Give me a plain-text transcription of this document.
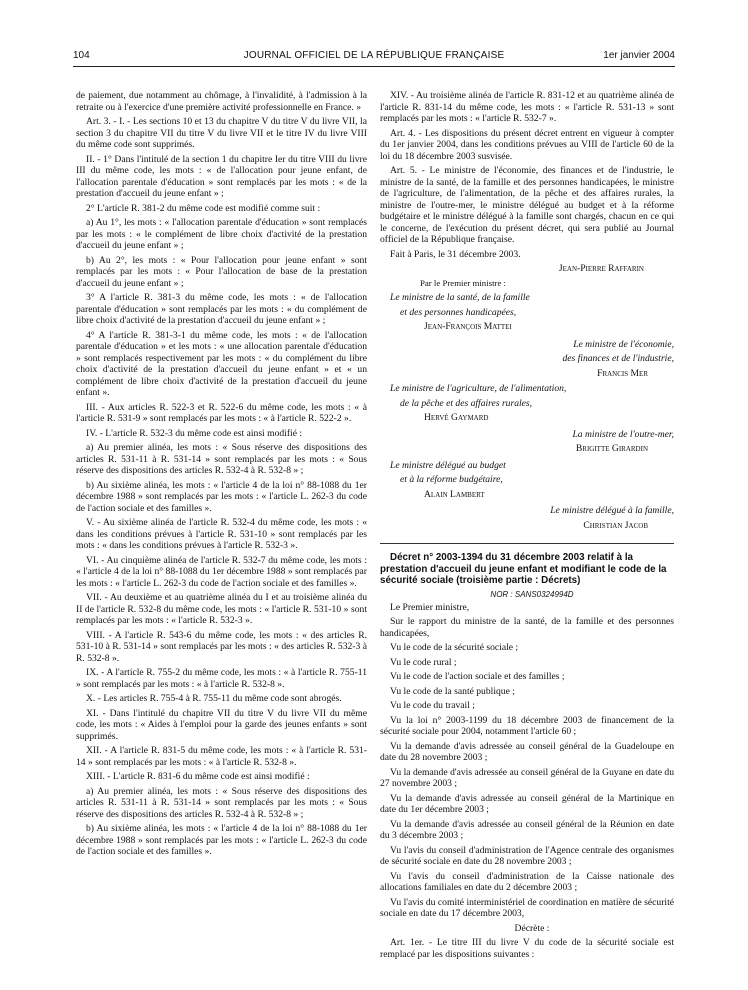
104	JOURNAL OFFICIEL DE LA RÉPUBLIQUE FRANÇAISE	1er janvier 2004

de paiement, due notamment au chômage, à l'invalidité, à l'admission à la retraite ou à l'exercice d'une première activité professionnelle en France. »

Art. 3. - I. - Les sections 10 et 13 du chapitre V du titre V du livre VII, la section 3 du chapitre VII du titre V du livre VII et le titre IV du livre VIII du même code sont supprimés.

II. - 1° Dans l'intitulé de la section 1 du chapitre Ier du titre VIII du livre III du même code, les mots : « de l'allocation pour jeune enfant, de l'allocation parentale d'éducation » sont remplacés par les mots : « de la prestation d'accueil du jeune enfant » ;

2° L'article R. 381-2 du même code est modifié comme suit :

a) Au 1°, les mots : « l'allocation parentale d'éducation » sont remplacés par les mots : « le complément de libre choix d'activité de la prestation d'accueil du jeune enfant » ;

b) Au 2°, les mots : « Pour l'allocation pour jeune enfant » sont remplacés par les mots : « Pour l'allocation de base de la prestation d'accueil du jeune enfant » ;

3° A l'article R. 381-3 du même code, les mots : « de l'allocation parentale d'éducation » sont remplacés par les mots : « du complément de libre choix d'activité de la prestation d'accueil du jeune enfant » ;

4° A l'article R. 381-3-1 du même code, les mots : « de l'allocation parentale d'éducation » et les mots : « une allocation parentale d'éducation » sont remplacés respectivement par les mots : « du complément du libre choix d'activité de la prestation d'accueil du jeune enfant » et « un complément de libre choix d'activité de la prestation d'accueil du jeune enfant ».

III. - Aux articles R. 522-3 et R. 522-6 du même code, les mots : « à l'article R. 531-9 » sont remplacés par les mots : « à l'article R. 522-2 ».

IV. - L'article R. 532-3 du même code est ainsi modifié :

a) Au premier alinéa, les mots : « Sous réserve des dispositions des articles R. 531-11 à R. 531-14 » sont remplacés par les mots : « Sous réserve des dispositions des articles R. 532-4 à R. 532-8 » ;

b) Au sixième alinéa, les mots : « l'article 4 de la loi n° 88-1088 du 1er décembre 1988 » sont remplacés par les mots : « l'article L. 262-3 du code de l'action sociale et des familles ».

V. - Au sixième alinéa de l'article R. 532-4 du même code, les mots : « dans les conditions prévues à l'article R. 531-10 » sont remplacés par les mots : « dans les conditions prévues à l'article R. 532-3 ».

VI. - Au cinquième alinéa de l'article R. 532-7 du même code, les mots : « l'article 4 de la loi n° 88-1088 du 1er décembre 1988 » sont remplacés par les mots : « l'article L. 262-3 du code de l'action sociale et des familles ».

VII. - Au deuxième et au quatrième alinéa du I et au troisième alinéa du II de l'article R. 532-8 du même code, les mots : « l'article R. 531-10 » sont remplacés par les mots : « l'article R. 532-3 ».

VIII. - A l'article R. 543-6 du même code, les mots : « des articles R. 531-10 à R. 531-14 » sont remplacés par les mots : « des articles R. 532-3 à R. 532-8 ».

IX. - A l'article R. 755-2 du même code, les mots : « à l'article R. 755-11 » sont remplacés par les mots : « à l'article R. 532-8 ».

X. - Les articles R. 755-4 à R. 755-11 du même code sont abrogés.

XI. - Dans l'intitulé du chapitre VII du titre V du livre VII du même code, les mots : « Aides à l'emploi pour la garde des jeunes enfants » sont supprimés.

XII. - A l'article R. 831-5 du même code, les mots : « à l'article R. 531-14 » sont remplacés par les mots : « à l'article R. 532-8 ».

XIII. - L'article R. 831-6 du même code est ainsi modifié :

a) Au premier alinéa, les mots : « Sous réserve des dispositions des articles R. 531-11 à R. 531-14 » sont remplacés par les mots : « Sous réserve des dispositions des articles R. 532-4 à R. 532-8 » ;

b) Au sixième alinéa, les mots : « l'article 4 de la loi n° 88-1088 du 1er décembre 1988 » sont remplacés par les mots : « l'article L. 262-3 du code de l'action sociale et des familles ».

XIV. - Au troisième alinéa de l'article R. 831-12 et au quatrième alinéa de l'article R. 831-14 du même code, les mots : « l'article R. 531-13 » sont remplacés par les mots : « l'article R. 532-7 ».

Art. 4. - Les dispositions du présent décret entrent en vigueur à compter du 1er janvier 2004, dans les conditions prévues au VIII de l'article 60 de la loi du 18 décembre 2003 susvisée.

Art. 5. - Le ministre de l'économie, des finances et de l'industrie, le ministre de la santé, de la famille et des personnes handicapées, le ministre de l'agriculture, de l'alimentation, de la pêche et des affaires rurales, la ministre de l'outre-mer, le ministre délégué au budget et à la réforme budgétaire et le ministre délégué à la famille sont chargés, chacun en ce qui le concerne, de l'exécution du présent décret, qui sera publié au Journal officiel de la République française.

Fait à Paris, le 31 décembre 2003.

Jean-Pierre Raffarin

Par le Premier ministre :

Le ministre de la santé, de la famille

et des personnes handicapées,

Jean-François Mattei

Le ministre de l'économie,

des finances et de l'industrie,

Francis Mer

Le ministre de l'agriculture, de l'alimentation,

de la pêche et des affaires rurales,

Hervé Gaymard

La ministre de l'outre-mer,

Brigitte Girardin

Le ministre délégué au budget

et à la réforme budgétaire,

Alain Lambert

Le ministre délégué à la famille,

Christian Jacob

Décret n° 2003-1394 du 31 décembre 2003 relatif à la prestation d'accueil du jeune enfant et modifiant le code de la sécurité sociale (troisième partie : Décrets)

NOR : SANS0324994D

Le Premier ministre,

Sur le rapport du ministre de la santé, de la famille et des personnes handicapées,

Vu le code de la sécurité sociale ;

Vu le code rural ;

Vu le code de l'action sociale et des familles ;

Vu le code de la santé publique ;

Vu le code du travail ;

Vu la loi n° 2003-1199 du 18 décembre 2003 de financement de la sécurité sociale pour 2004, notamment l'article 60 ;

Vu la demande d'avis adressée au conseil général de la Guadeloupe en date du 28 novembre 2003 ;

Vu la demande d'avis adressée au conseil général de la Guyane en date du 27 novembre 2003 ;

Vu la demande d'avis adressée au conseil général de la Martinique en date du 1er décembre 2003 ;

Vu la demande d'avis adressée au conseil général de la Réunion en date du 3 décembre 2003 ;

Vu l'avis du conseil d'administration de l'Agence centrale des organismes de sécurité sociale en date du 28 novembre 2003 ;

Vu l'avis du conseil d'administration de la Caisse nationale des allocations familiales en date du 2 décembre 2003 ;

Vu l'avis du comité interministériel de coordination en matière de sécurité sociale en date du 17 décembre 2003,

Décrète :

Art. 1er. - Le titre III du livre V du code de la sécurité sociale est remplacé par les dispositions suivantes :
